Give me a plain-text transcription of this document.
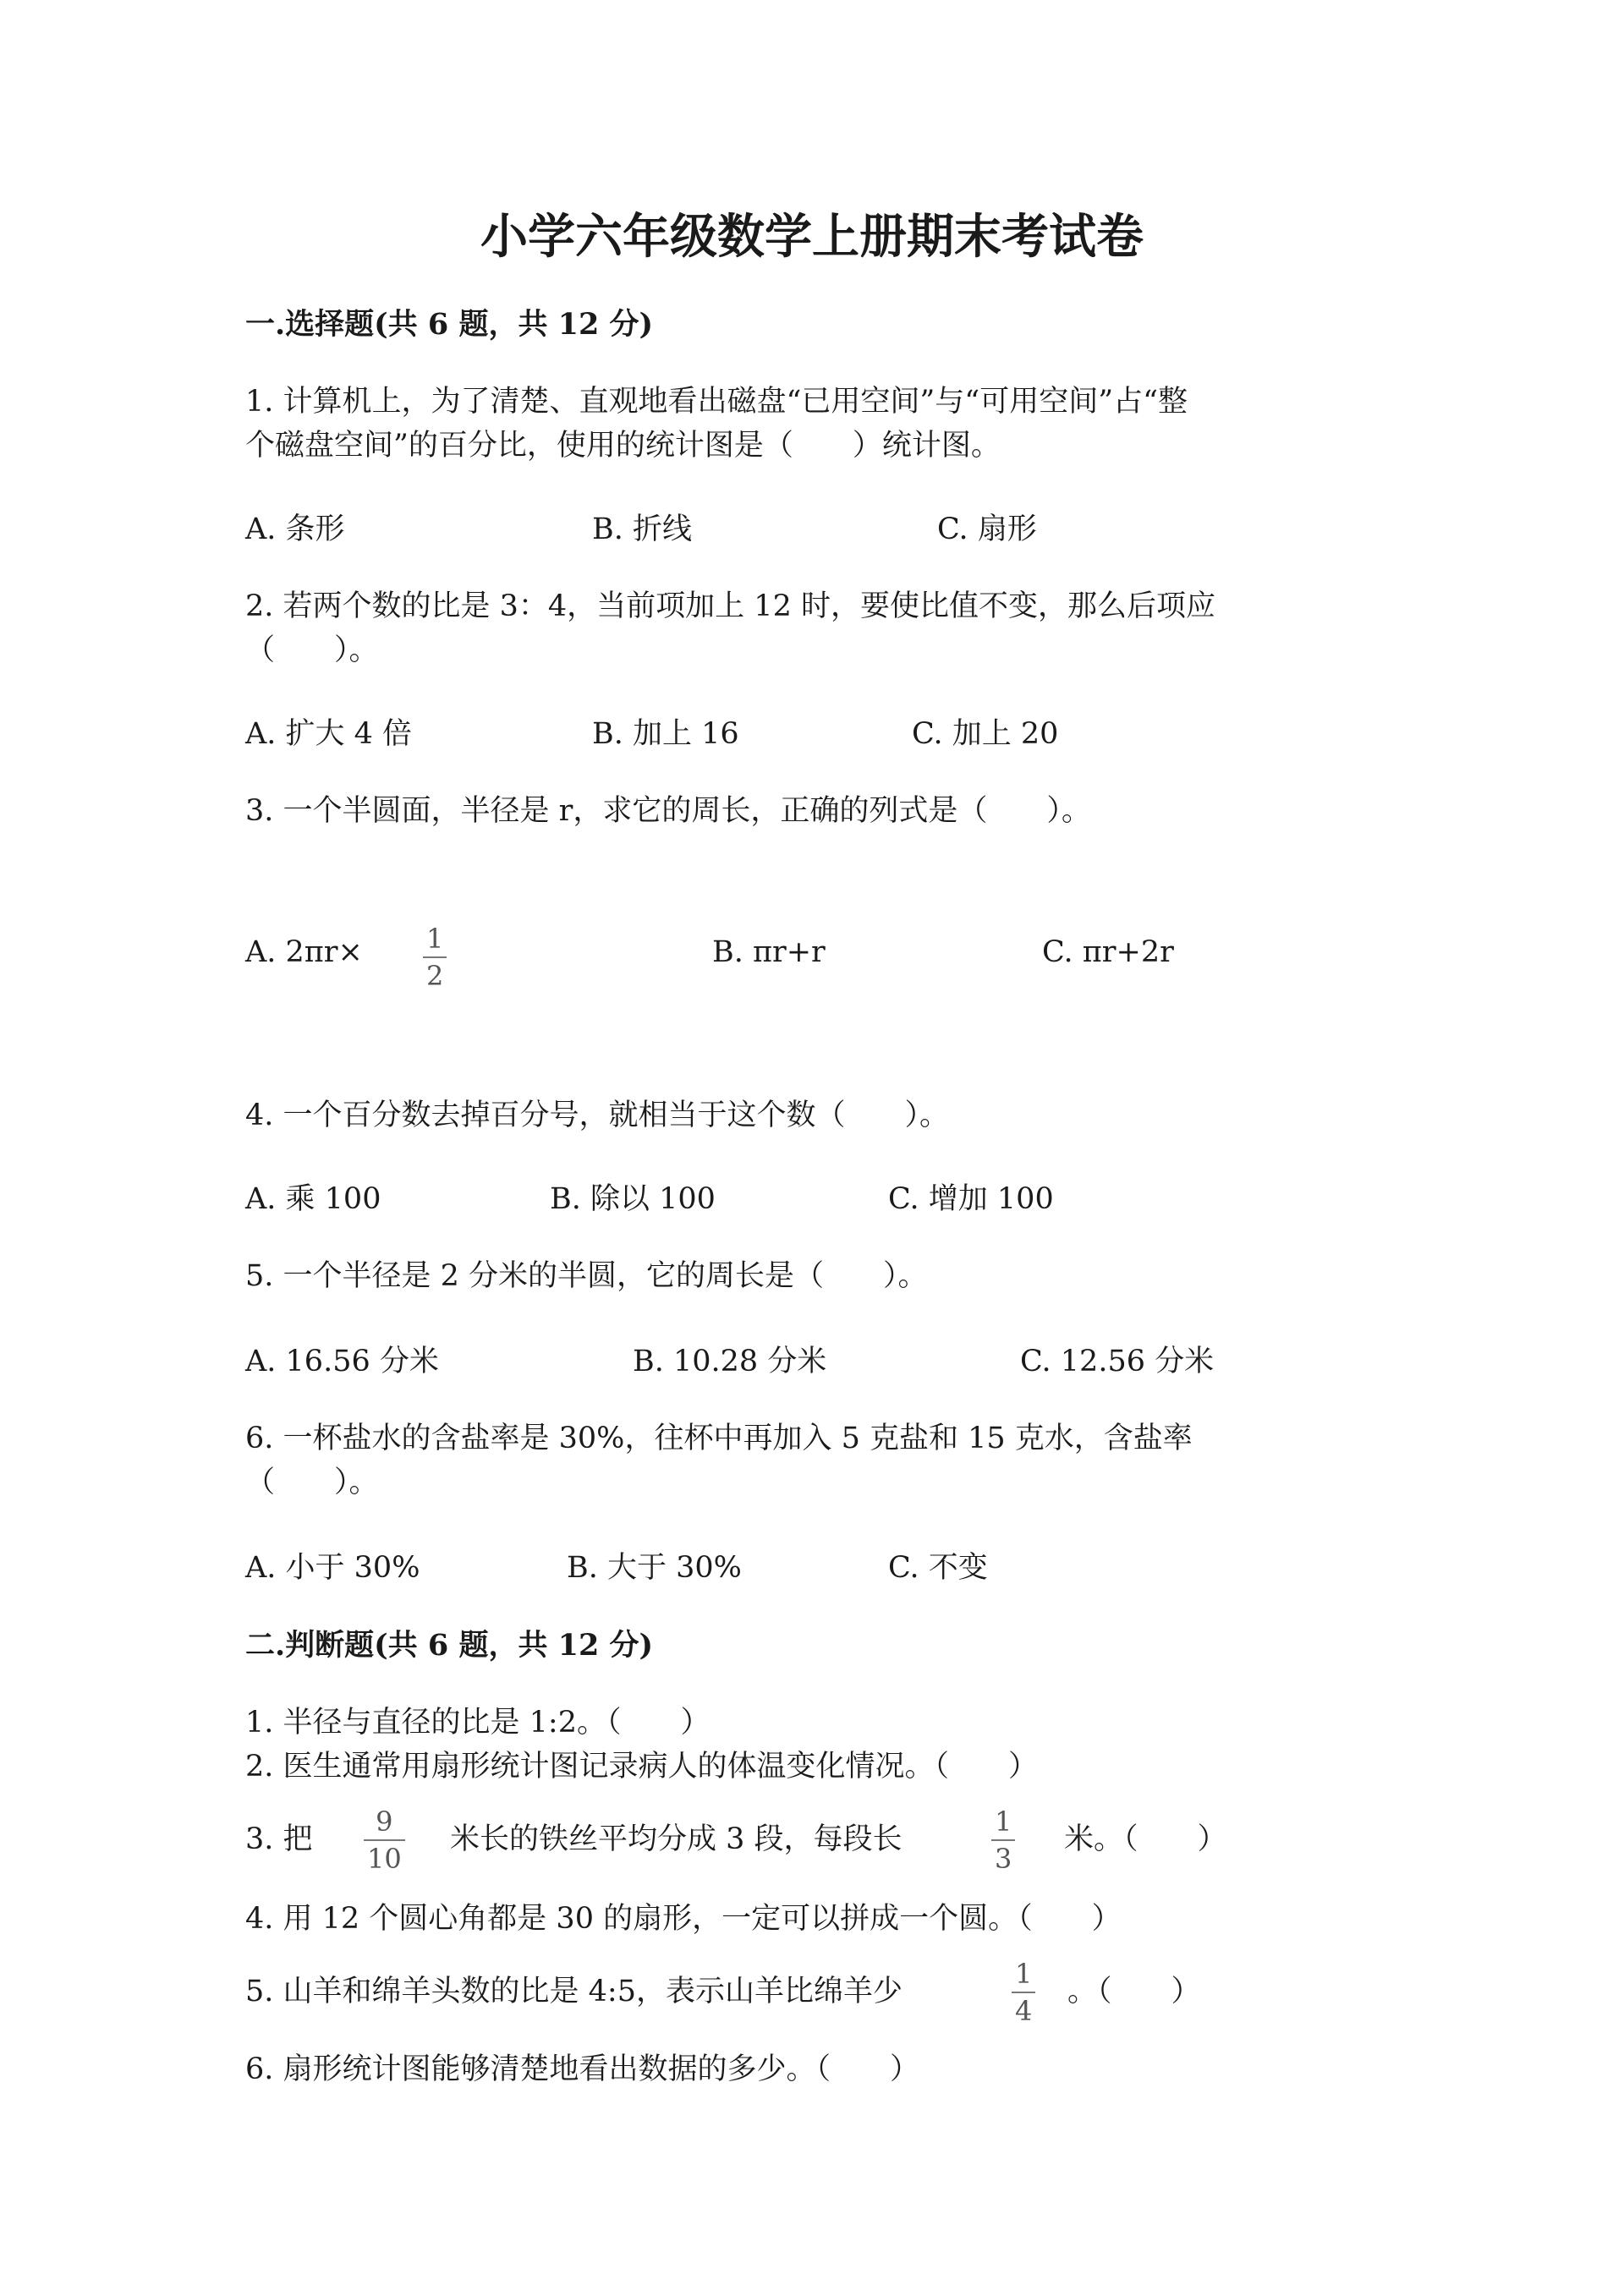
小学六年级数学上册期末考试卷
一.选择题(共 6 题，共 12 分)
1. 计算机上，为了清楚、直观地看出磁盘“已用空间”与“可用空间”占“整
个磁盘空间”的百分比，使用的统计图是（　　）统计图。
A. 条形	B. 折线	C. 扇形
2. 若两个数的比是 3：4，当前项加上 12 时，要使比值不变，那么后项应
（　　）。
A. 扩大 4 倍	B. 加上 16	C. 加上 20
3. 一个半圆面，半径是 r，求它的周长，正确的列式是（　　）。
A. 2πr× 1
2
B. πr+r	C. πr+2r
4. 一个百分数去掉百分号，就相当于这个数（　　）。
A. 乘 100	B. 除以 100	C. 增加 100
5. 一个半径是 2 分米的半圆，它的周长是（　　）。
A. 16.56 分米	B. 10.28 分米	C. 12.56 分米
6. 一杯盐水的含盐率是 30%，往杯中再加入 5 克盐和 15 克水，含盐率
（　　）。
A. 小于 30%	B. 大于 30%	C. 不变
二.判断题(共 6 题，共 12 分)
1. 半径与直径的比是 1:2。（　　）
2. 医生通常用扇形统计图记录病人的体温变化情况。（　　）
3. 把
9
10
米长的铁丝平均分成 3 段，每段长
1
3
米。（　　）
4. 用 12 个圆心角都是 30 的扇形，一定可以拼成一个圆。（　　）
5. 山羊和绵羊头数的比是 4:5，表示山羊比绵羊少
1
4
。（　　）
6. 扇形统计图能够清楚地看出数据的多少。（　　）
